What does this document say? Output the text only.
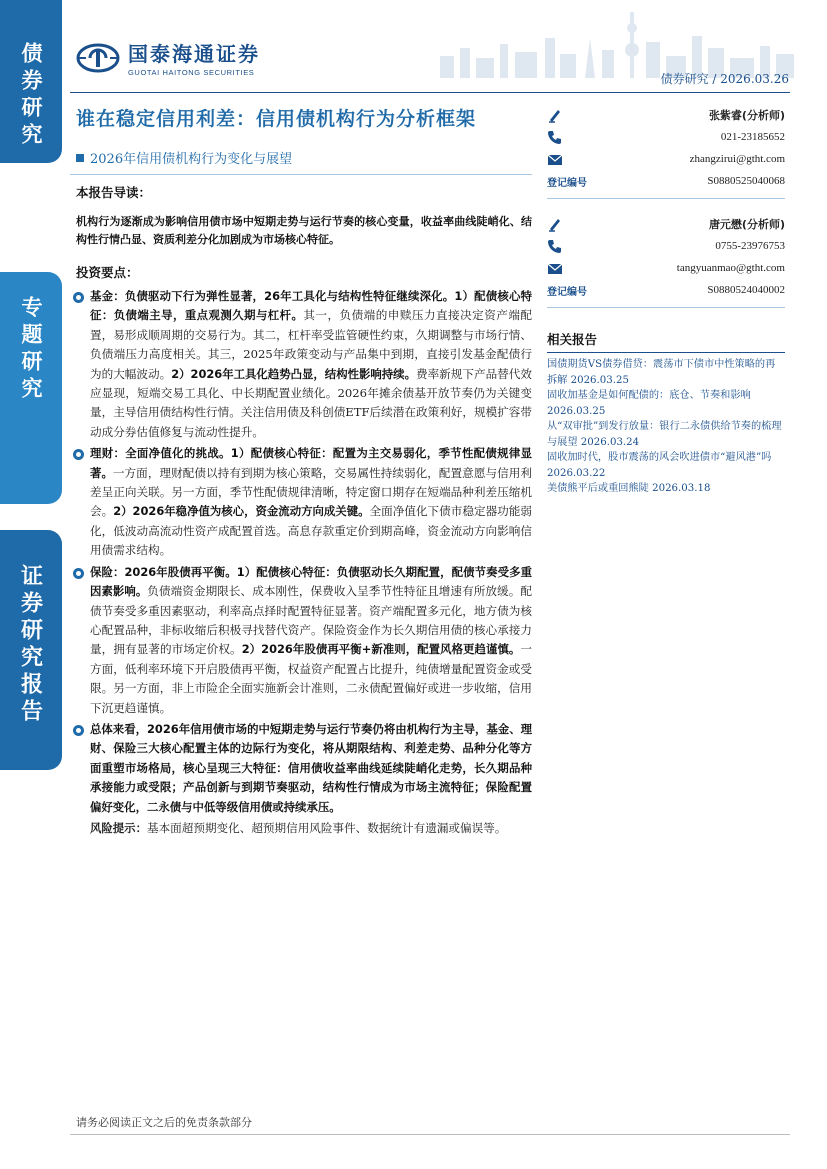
债券研究
专题研究
证券研究报告
国泰海通证券
GUOTAI HAITONG SECURITIES	债券研究 / 2026.03.26
谁在稳定信用利差：信用债机构行为分析框架
2026年信用债机构行为变化与展望
本报告导读：
机构行为逐渐成为影响信用债市场中短期走势与运行节奏的核心变量，收益率曲线陡峭化、结构性行情凸显、资质利差分化加剧成为市场核心特征。
投资要点：
基金：负债驱动下行为弹性显著，26年工具化与结构性特征继续深化。1）配债核心特征：负债端主导，重点观测久期与杠杆。其一，负债端的申赎压力直接决定资产端配置，易形成顺周期的交易行为。其二，杠杆率受监管硬性约束，久期调整与市场行情、负债端压力高度相关。其三，2025年政策变动与产品集中到期，直接引发基金配债行为的大幅波动。2）2026年工具化趋势凸显，结构性影响持续。费率新规下产品替代效应显现，短端交易工具化、中长期配置业绩化。2026年摊余债基开放节奏仍为关键变量，主导信用债结构性行情。关注信用债及科创债ETF后续潜在政策利好，规模扩容带动成分券估值修复与流动性提升。
理财：全面净值化的挑战。1）配债核心特征：配置为主交易弱化，季节性配债规律显著。一方面，理财配债以持有到期为核心策略，交易属性持续弱化，配置意愿与信用利差呈正向关联。另一方面，季节性配债规律清晰，特定窗口期存在短端品种利差压缩机会。2）2026年稳净值为核心，资金流动方向成关键。全面净值化下债市稳定器功能弱化，低波动高流动性资产成配置首选。高息存款重定价到期高峰，资金流动方向影响信用债需求结构。
保险：2026年股债再平衡。1）配债核心特征：负债驱动长久期配置，配债节奏受多重因素影响。负债端资金期限长、成本刚性，保费收入呈季节性特征且增速有所放缓。配债节奏受多重因素驱动，利率高点择时配置特征显著。资产端配置多元化，地方债为核心配置品种，非标收缩后积极寻找替代资产。保险资金作为长久期信用债的核心承接力量，拥有显著的市场定价权。2）2026年股债再平衡+新准则，配置风格更趋谨慎。一方面，低利率环境下开启股债再平衡，权益资产配置占比提升，纯债增量配置资金或受限。另一方面，非上市险企全面实施新会计准则，二永债配置偏好或进一步收缩，信用下沉更趋谨慎。
总体来看，2026年信用债市场的中短期走势与运行节奏仍将由机构行为主导，基金、理财、保险三大核心配置主体的边际行为变化，将从期限结构、利差走势、品种分化等方面重塑市场格局，核心呈现三大特征：信用债收益率曲线延续陡峭化走势，长久期品种承接能力或受限；产品创新与到期节奏驱动，结构性行情成为市场主流特征；保险配置偏好变化，二永债与中低等级信用债或持续承压。
风险提示：基本面超预期变化、超预期信用风险事件、数据统计有遗漏或偏误等。
张紫睿(分析师)
021-23185652
zhangzirui@gtht.com
登记编号	S0880525040068
唐元懋(分析师)
0755-23976753
tangyuanmao@gtht.com
登记编号	S0880524040002
相关报告
国债期货VS债券借贷：震荡市下债市中性策略的再拆解 2026.03.25
固收加基金是如何配债的：底仓、节奏和影响 2026.03.25
从“双审批”到发行放量：银行二永债供给节奏的梳理与展望 2026.03.24
固收加时代，股市震荡的风会吹进债市“避风港”吗 2026.03.22
美债熊平后或重回熊陡 2026.03.18
请务必阅读正文之后的免责条款部分
